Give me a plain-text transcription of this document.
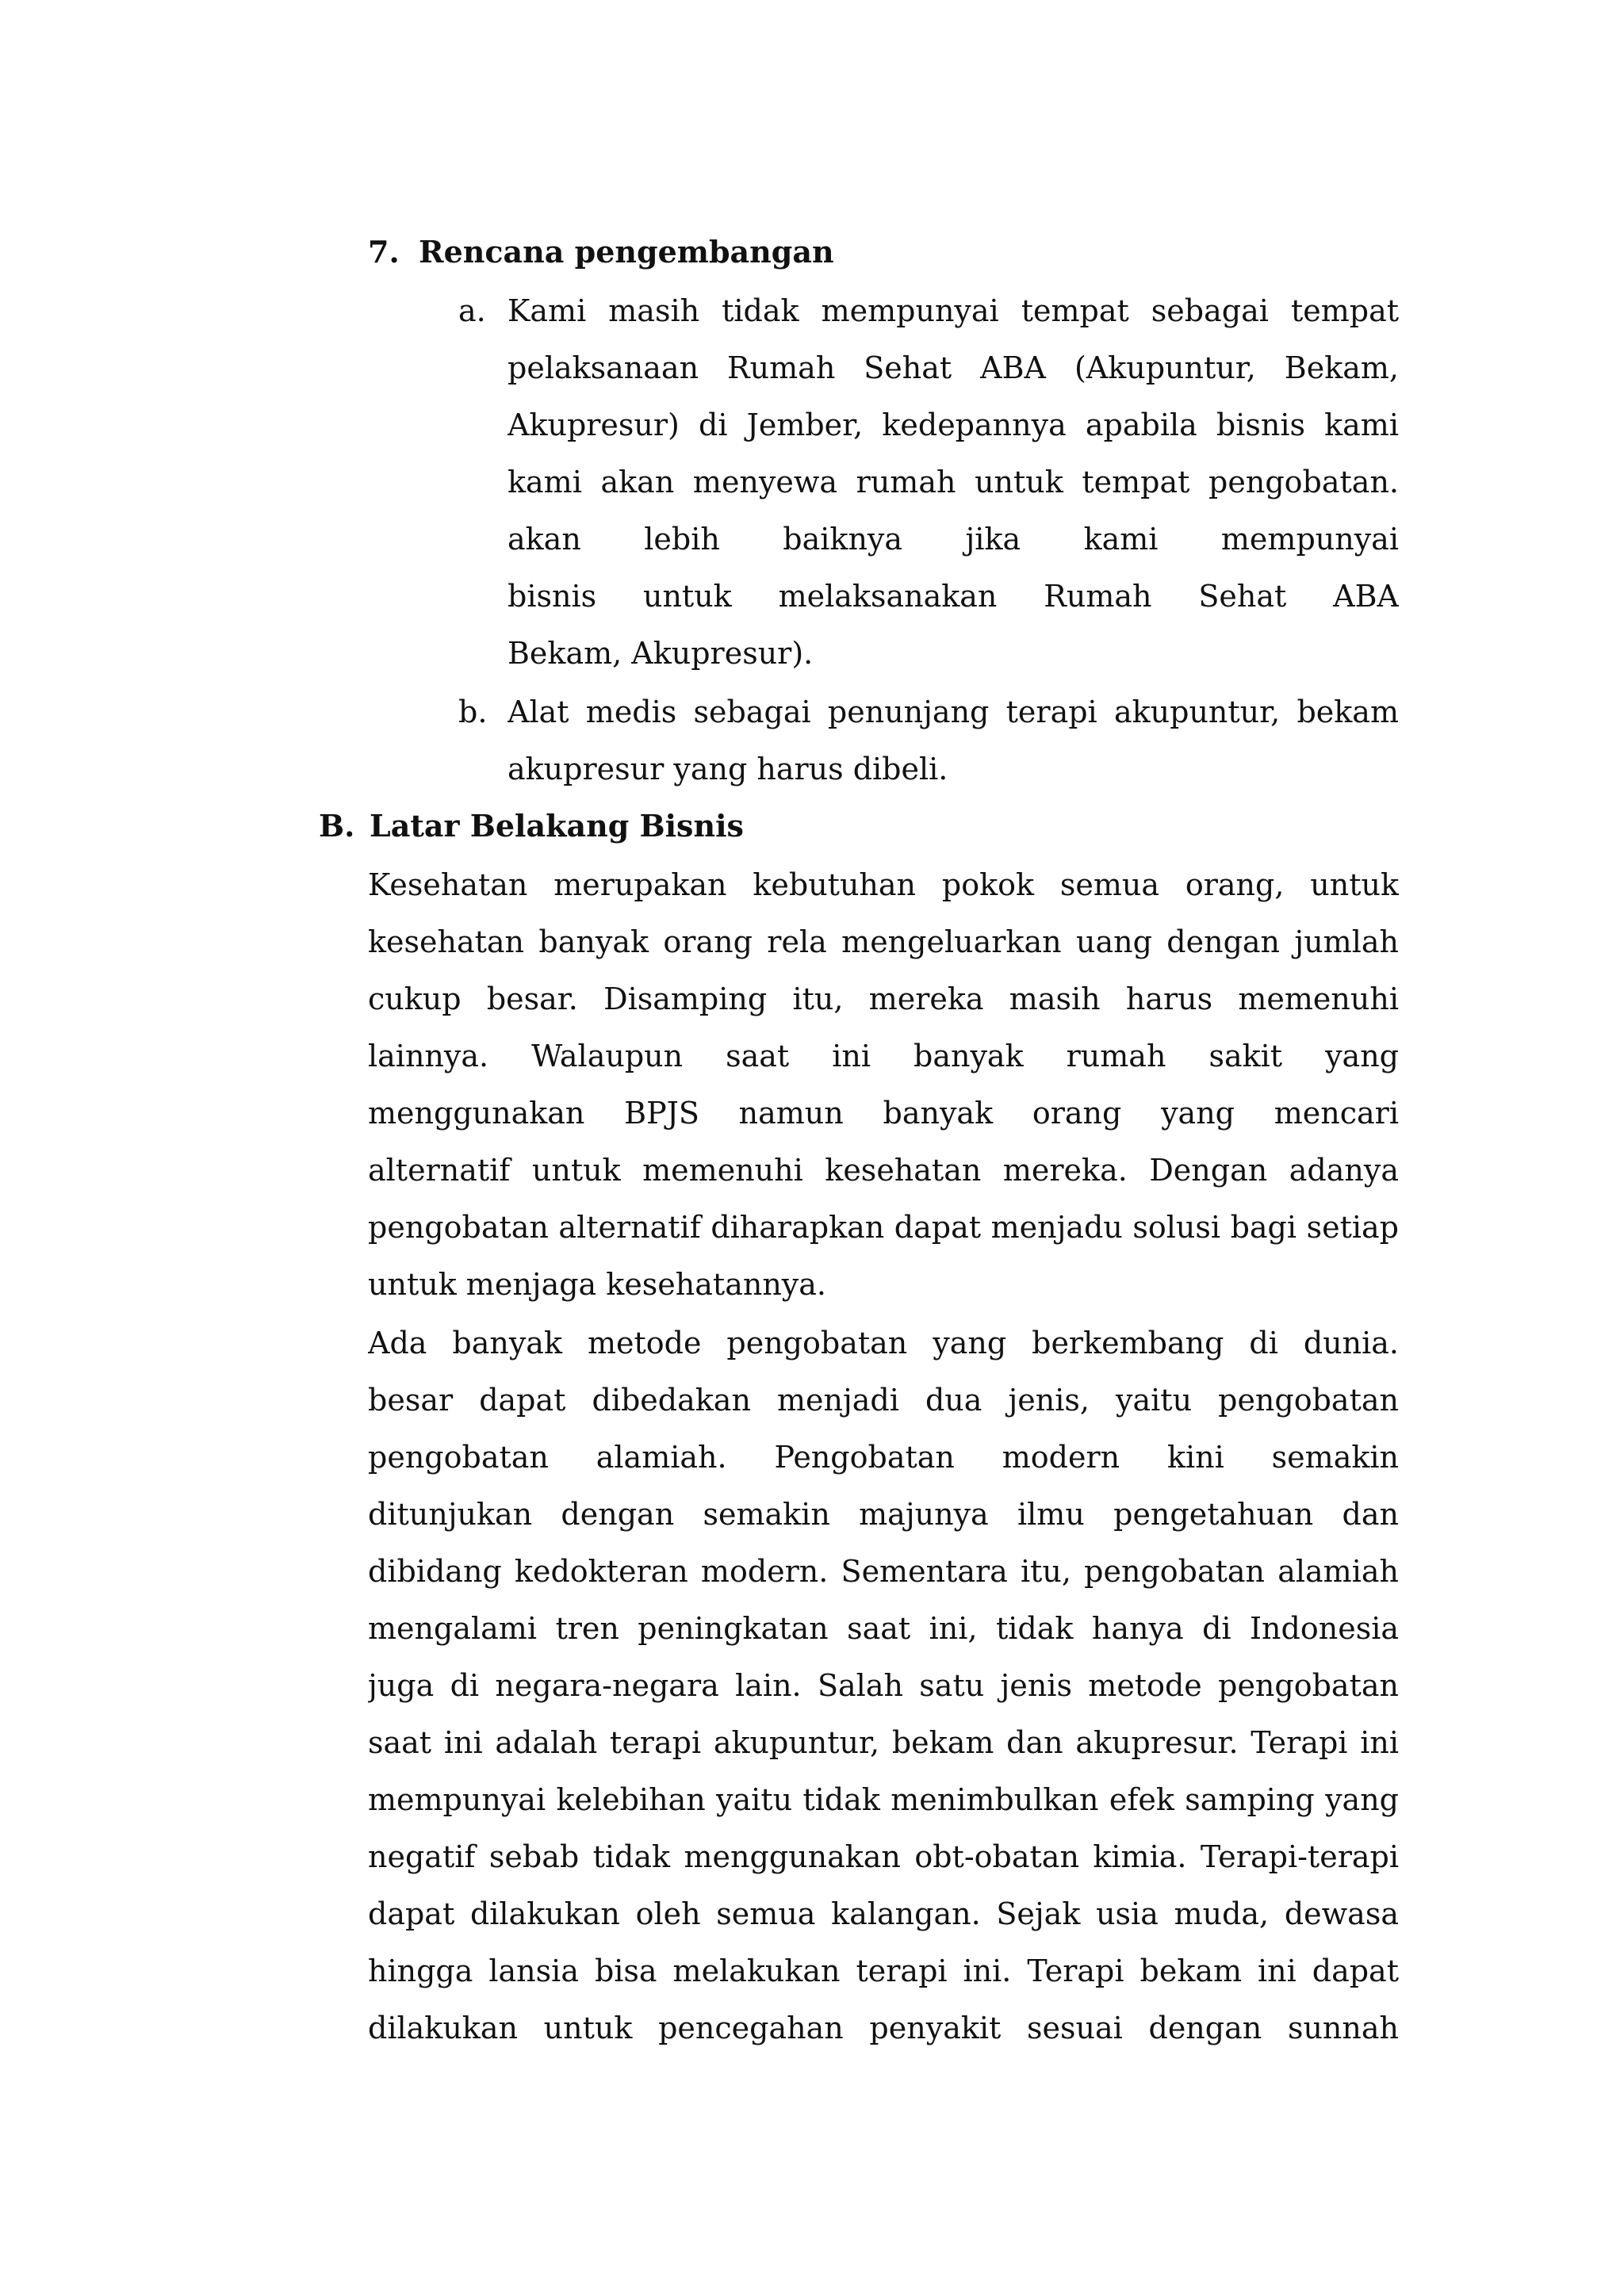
7. Rencana pengembangan
a. Kami masih tidak mempunyai tempat sebagai tempat
pelaksanaan Rumah Sehat ABA (Akupuntur, Bekam,
Akupresur) di Jember, kedepannya apabila bisnis kami
kami akan menyewa rumah untuk tempat pengobatan.
akan lebih baiknya jika kami mempunyai
bisnis untuk melaksanakan Rumah Sehat ABA
Bekam, Akupresur).
b. Alat medis sebagai penunjang terapi akupuntur, bekam
akupresur yang harus dibeli.
B. Latar Belakang Bisnis
Kesehatan merupakan kebutuhan pokok semua orang, untuk
kesehatan banyak orang rela mengeluarkan uang dengan jumlah
cukup besar. Disamping itu, mereka masih harus memenuhi
lainnya. Walaupun saat ini banyak rumah sakit yang
menggunakan BPJS namun banyak orang yang mencari
alternatif untuk memenuhi kesehatan mereka. Dengan adanya
pengobatan alternatif diharapkan dapat menjadu solusi bagi setiap
untuk menjaga kesehatannya.
Ada banyak metode pengobatan yang berkembang di dunia.
besar dapat dibedakan menjadi dua jenis, yaitu pengobatan
pengobatan alamiah. Pengobatan modern kini semakin
ditunjukan dengan semakin majunya ilmu pengetahuan dan
dibidang kedokteran modern. Sementara itu, pengobatan alamiah
mengalami tren peningkatan saat ini, tidak hanya di Indonesia
juga di negara-negara lain. Salah satu jenis metode pengobatan
saat ini adalah terapi akupuntur, bekam dan akupresur. Terapi ini
mempunyai kelebihan yaitu tidak menimbulkan efek samping yang
negatif sebab tidak menggunakan obt-obatan kimia. Terapi-terapi
dapat dilakukan oleh semua kalangan. Sejak usia muda, dewasa
hingga lansia bisa melakukan terapi ini. Terapi bekam ini dapat
dilakukan untuk pencegahan penyakit sesuai dengan sunnah
